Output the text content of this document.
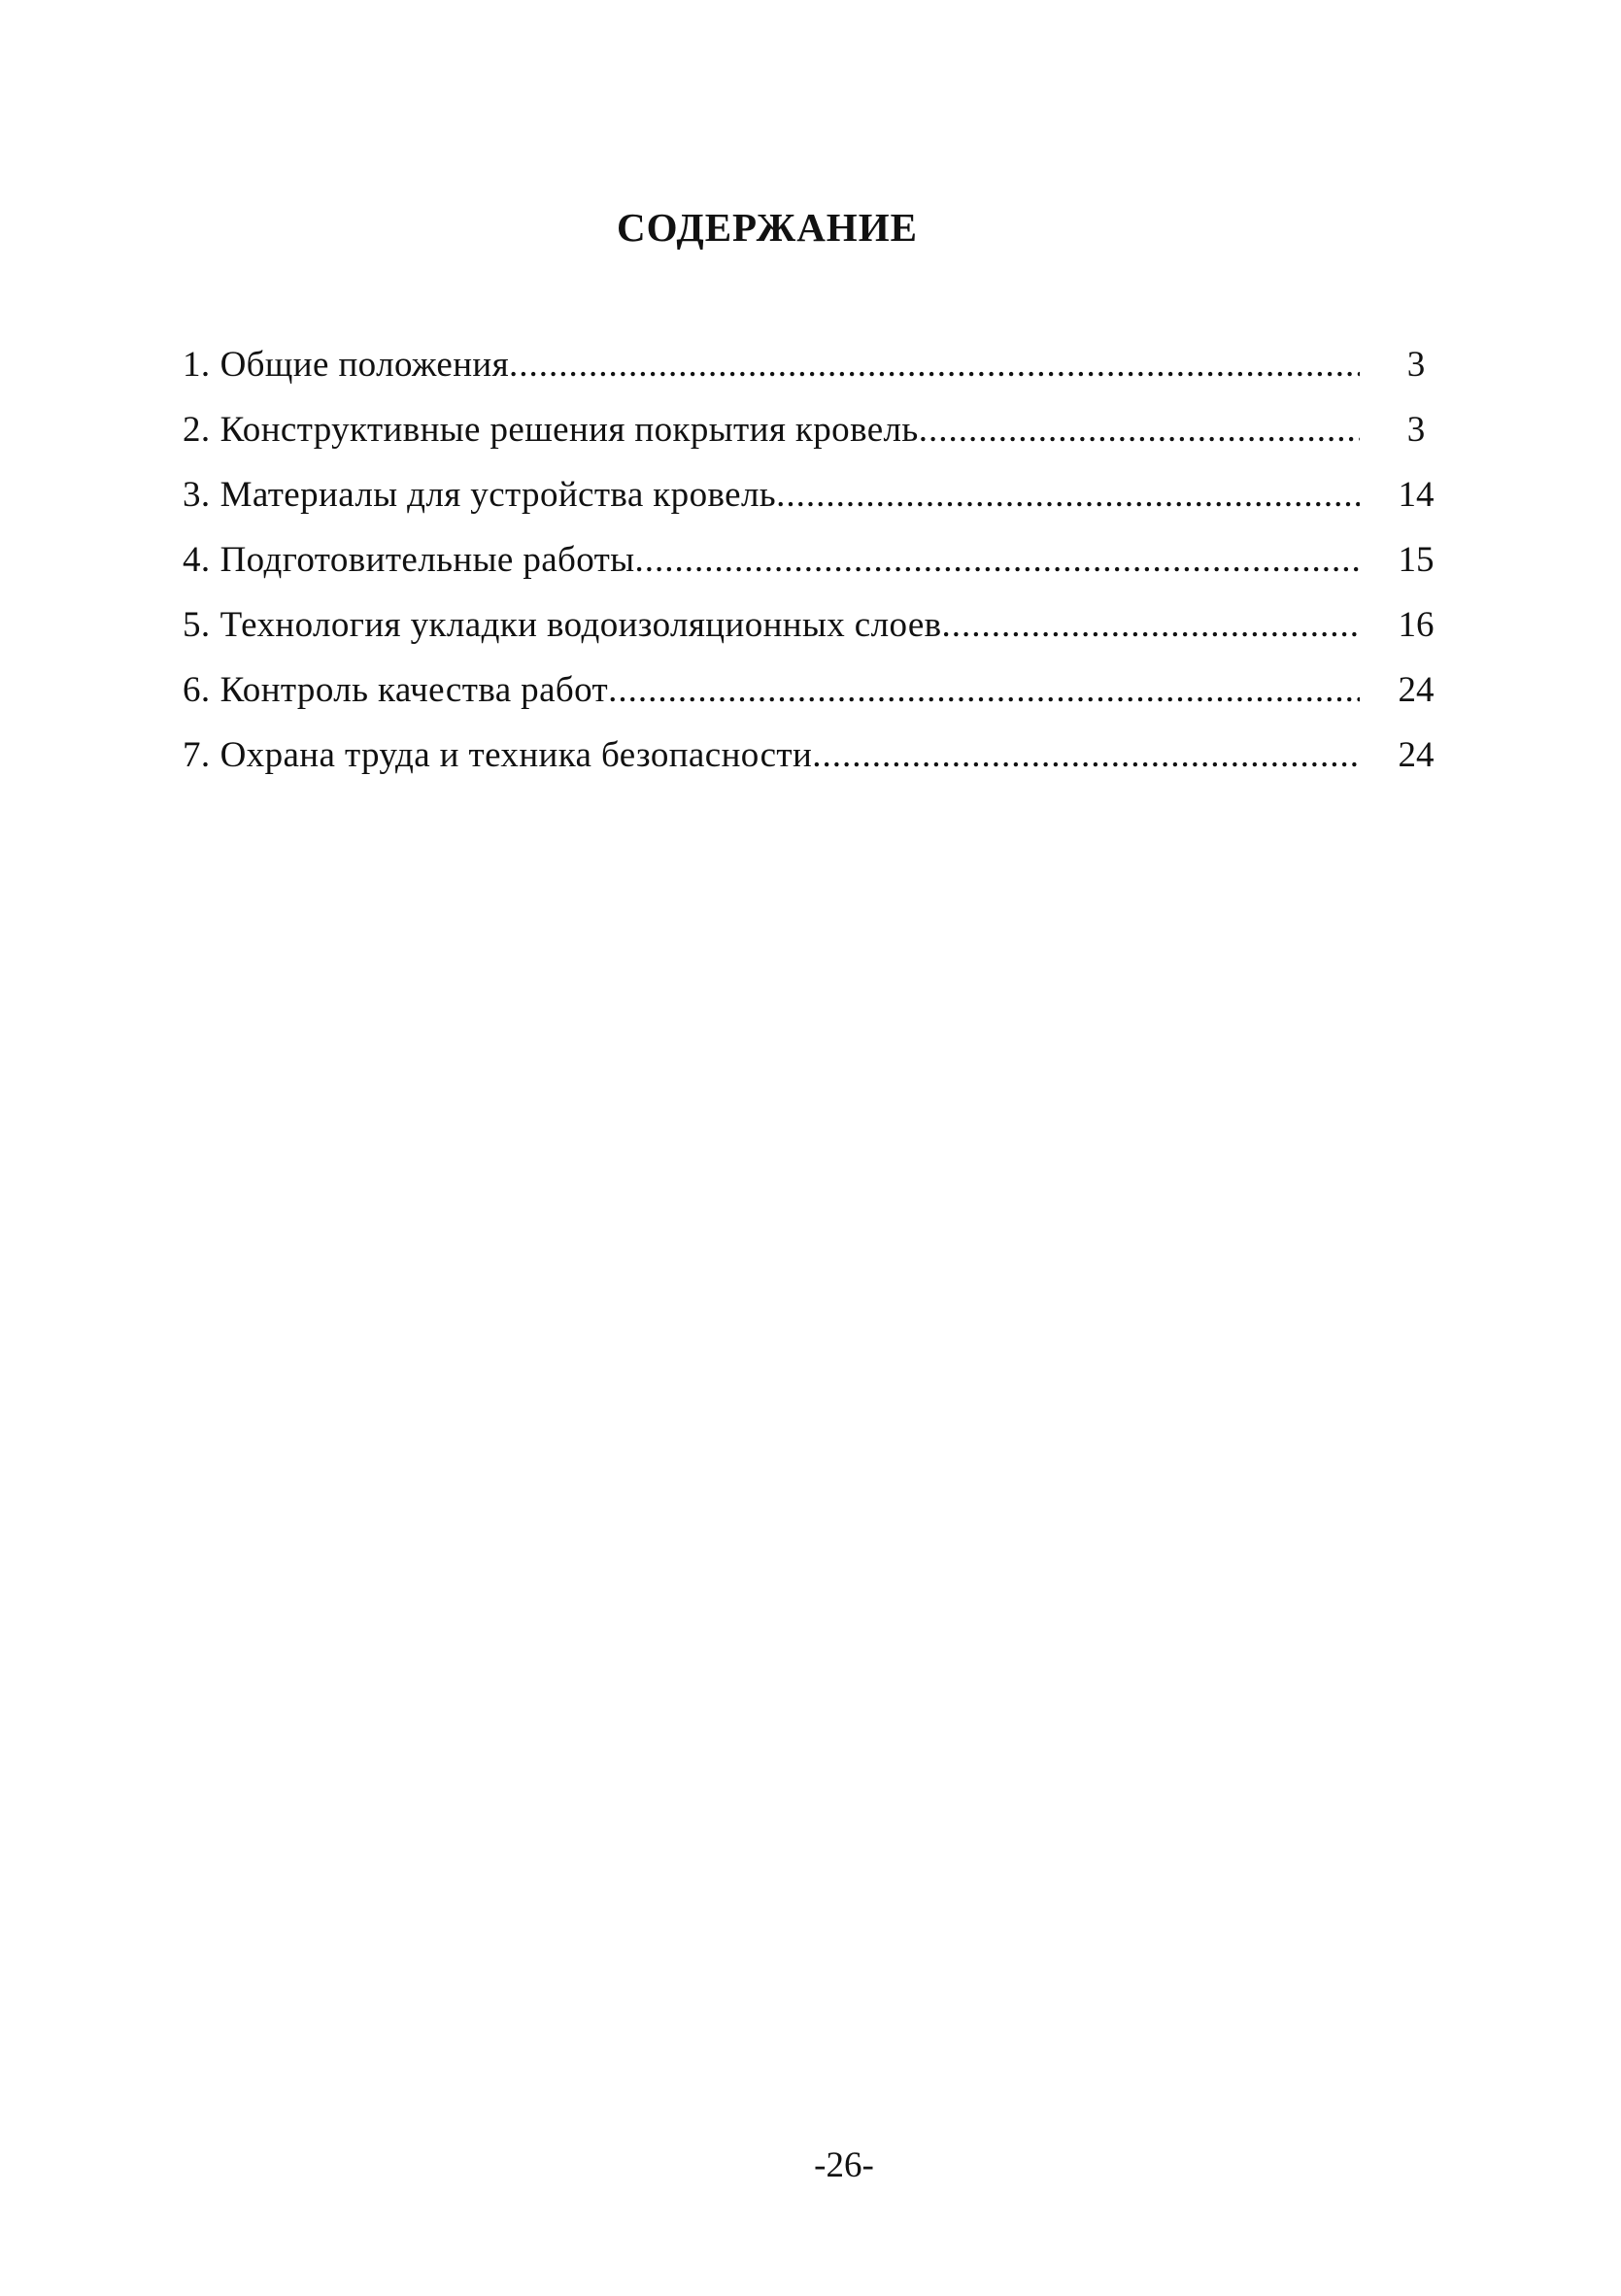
СОДЕРЖАНИЕ
1. Общие положения .....	3
2. Конструктивные решения покрытия кровель .....	3
3. Материалы для устройства кровель .....	14
4. Подготовительные работы .....	15
5. Технология укладки водоизоляционных слоев .....	16
6. Контроль качества работ .....	24
7. Охрана труда и техника безопасности .....	24
-26-
